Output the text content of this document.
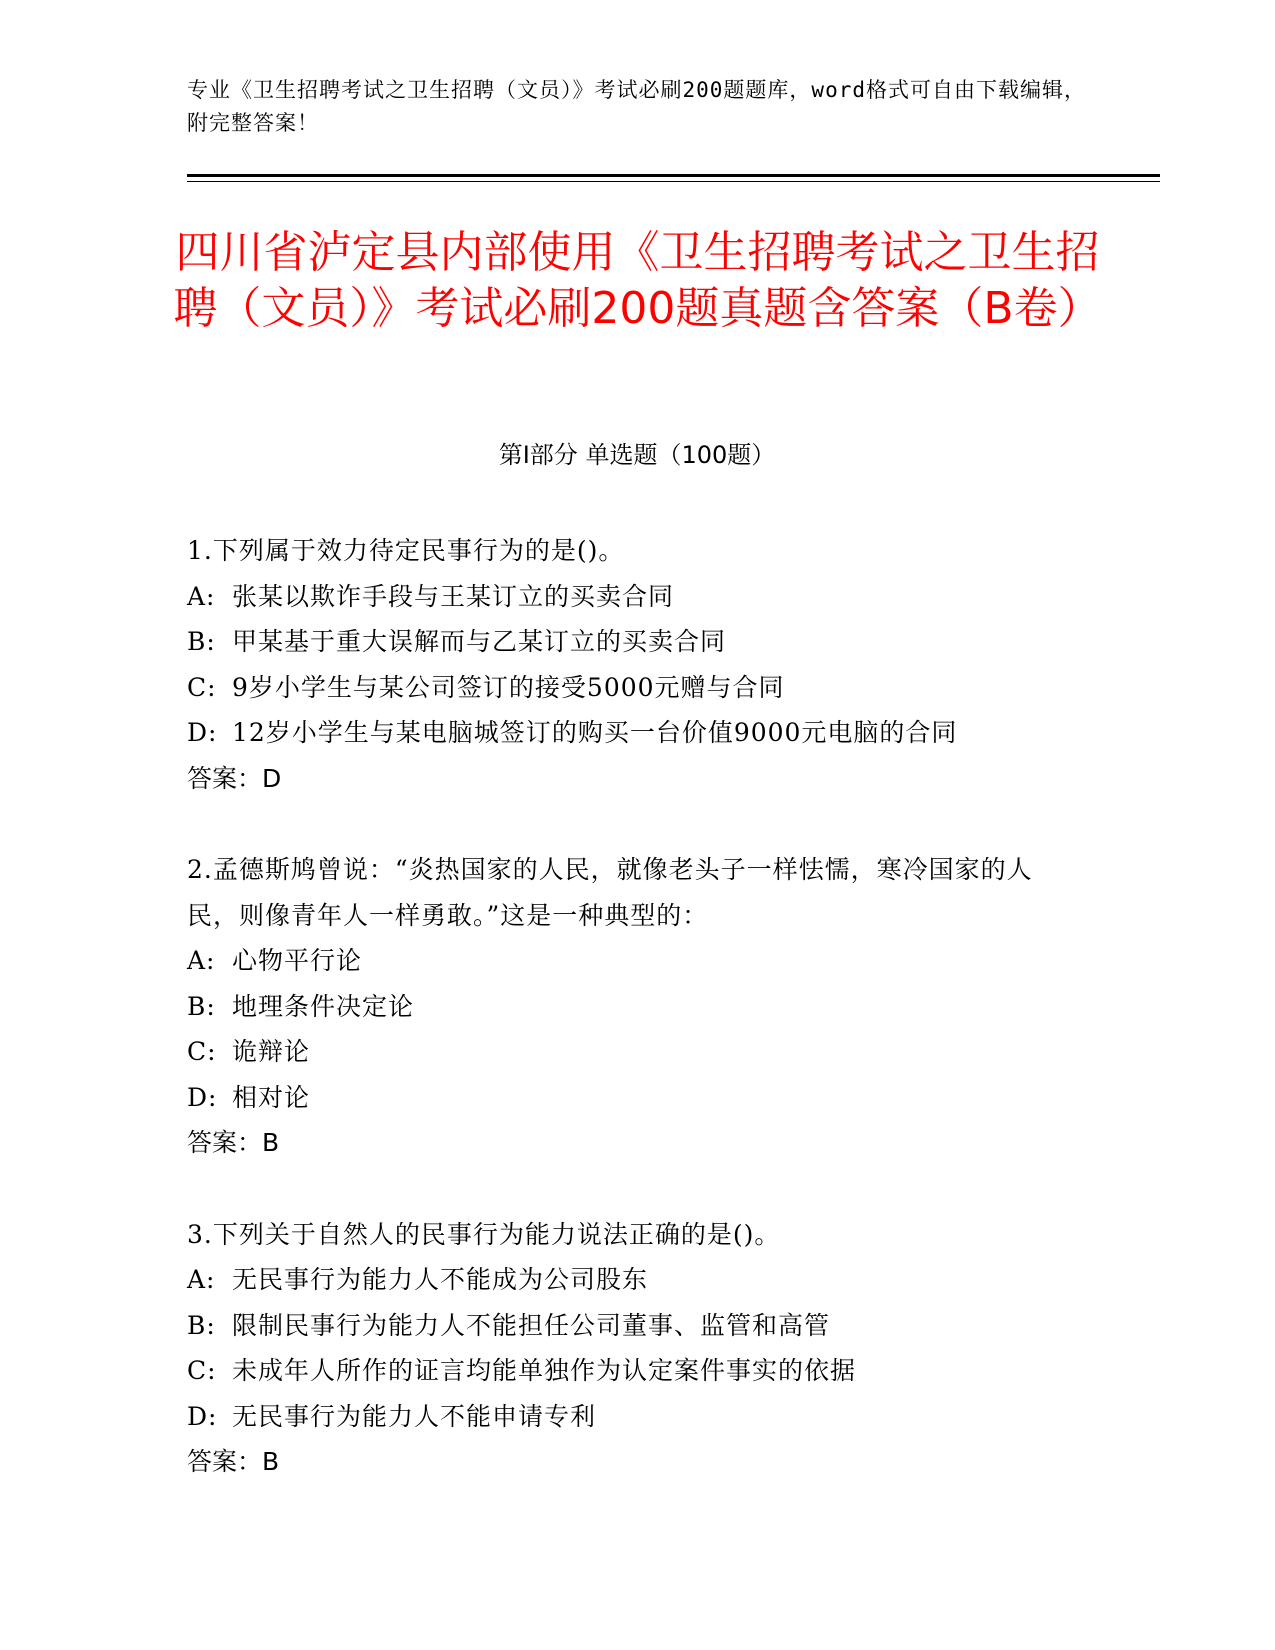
专业《卫生招聘考试之卫生招聘（文员）》考试必刷200题题库，word格式可自由下载编辑，附完整答案！
四川省泸定县内部使用《卫生招聘考试之卫生招聘（文员）》考试必刷200题真题含答案（B卷）
第Ⅰ部分 单选题（100题）
1.下列属于效力待定民事行为的是()。
A: 张某以欺诈手段与王某订立的买卖合同
B: 甲某基于重大误解而与乙某订立的买卖合同
C: 9岁小学生与某公司签订的接受5000元赠与合同
D: 12岁小学生与某电脑城签订的购买一台价值9000元电脑的合同
答案：D
2.孟德斯鸠曾说：“炎热国家的人民，就像老头子一样怯懦，寒冷国家的人民，则像青年人一样勇敢。”这是一种典型的：
A: 心物平行论
B: 地理条件决定论
C: 诡辩论
D: 相对论
答案：B
3.下列关于自然人的民事行为能力说法正确的是()。
A: 无民事行为能力人不能成为公司股东
B: 限制民事行为能力人不能担任公司董事、监管和高管
C: 未成年人所作的证言均能单独作为认定案件事实的依据
D: 无民事行为能力人不能申请专利
答案：B
